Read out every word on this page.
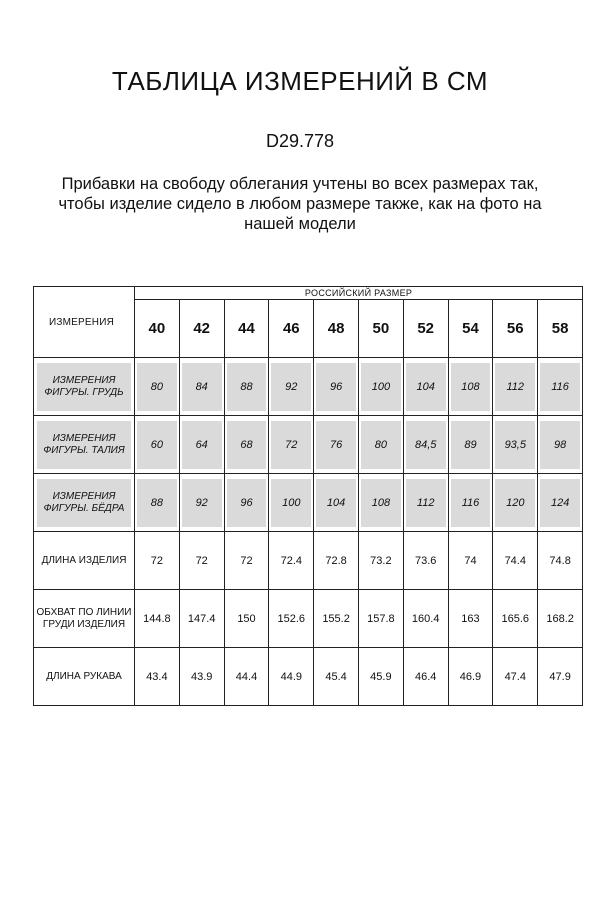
ТАБЛИЦА ИЗМЕРЕНИЙ В СМ
D29.778
Прибавки на свободу облегания учтены во всех размерах так, чтобы изделие сидело в любом размере также, как на фото на нашей модели
ИЗМЕРЕНИЯ	РОССИЙСКИЙ РАЗМЕР									
	40	42	44	46	48	50	52	54	56	58

ИЗМЕРЕНИЯ ФИГУРЫ. ГРУДЬ	80	84	88	92	96	100	104	108	112	116

ИЗМЕРЕНИЯ ФИГУРЫ. ТАЛИЯ	60	64	68	72	76	80	84,5	89	93,5	98

ИЗМЕРЕНИЯ ФИГУРЫ. БЁДРА	88	92	96	100	104	108	112	116	120	124

ДЛИНА ИЗДЕЛИЯ	72	72	72	72.4	72.8	73.2	73.6	74	74.4	74.8
ОБХВАТ ПО ЛИНИИ ГРУДИ ИЗДЕЛИЯ	144.8	147.4	150	152.6	155.2	157.8	160.4	163	165.6	168.2
ДЛИНА РУКАВА	43.4	43.9	44.4	44.9	45.4	45.9	46.4	46.9	47.4	47.9
